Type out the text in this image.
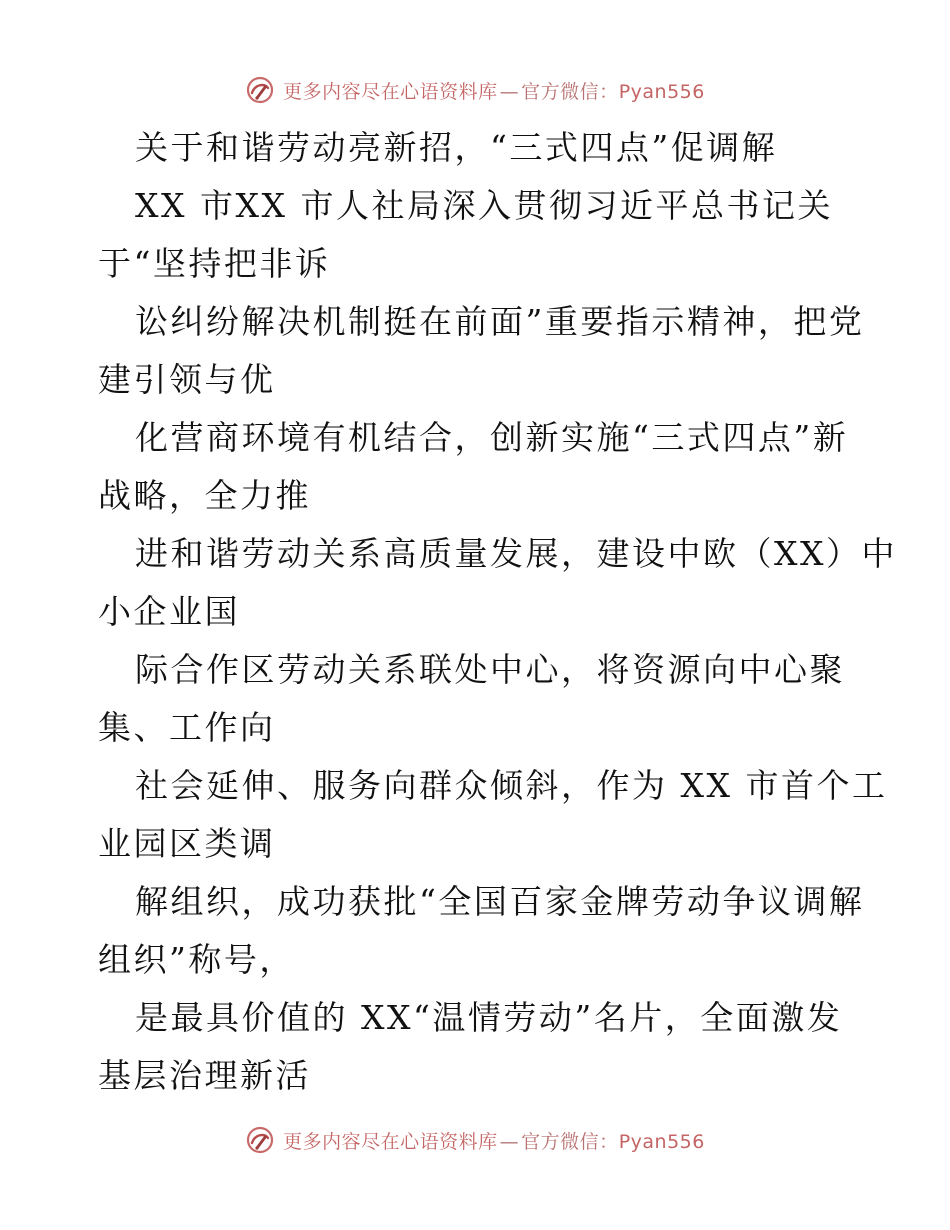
更多内容尽在心语资料库 — 官方微信：Pyan556
关于和谐劳动亮新招，“三式四点”促调解
XX 市XX 市人社局深入贯彻习近平总书记关
于“坚持把非诉
讼纠纷解决机制挺在前面”重要指示精神，把党
建引领与优
化营商环境有机结合，创新实施“三式四点”新
战略，全力推
进和谐劳动关系高质量发展，建设中欧（XX）中
小企业国
际合作区劳动关系联处中心，将资源向中心聚
集、工作向
社会延伸、服务向群众倾斜，作为 XX 市首个工
业园区类调
解组织，成功获批“全国百家金牌劳动争议调解
组织”称号，
是最具价值的 XX“温情劳动”名片，全面激发
基层治理新活
更多内容尽在心语资料库 — 官方微信：Pyan556
